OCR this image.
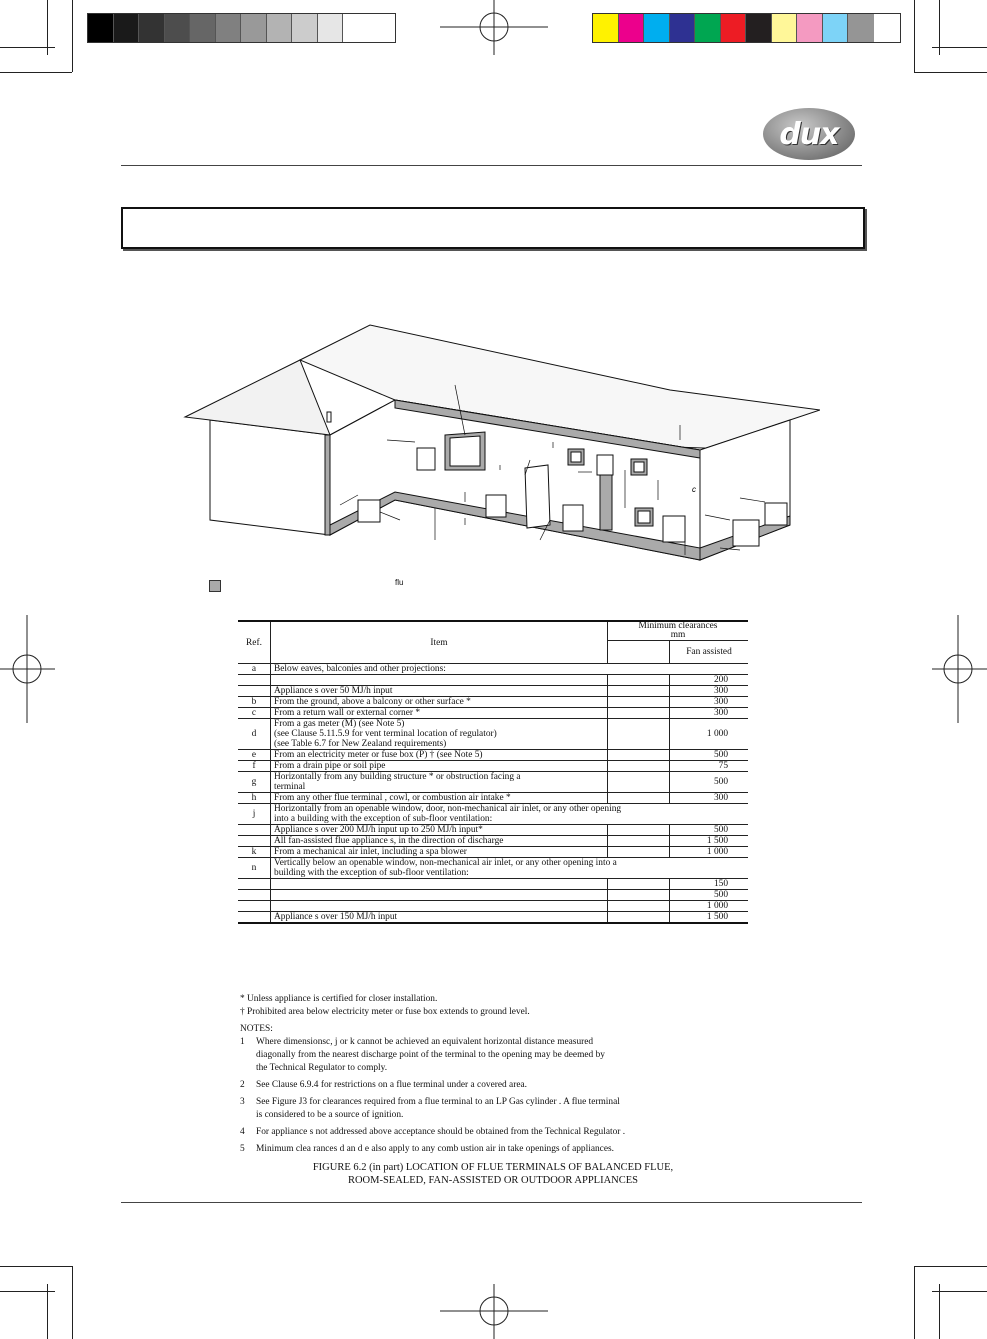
dux
c
flu
Ref.	Item	Minimum clearances
mm	

			Fan assisted
a	Below eaves, balconies and other projections:		

		200

	Appliance s over 50 MJ/h input		300
b	From the ground, above a balcony or other surface *		300
c	From a return wall or external corner *		300
d	From a gas meter (M) (see Note 5)
(see Clause 5.11.5.9 for vent terminal location of regulator)
(see Table 6.7 for New Zealand requirements)		1 000
e	From an electricity meter or fuse box (P) † (see Note 5)		500
f	From a drain pipe or soil pipe		75
g	Horizontally from any building structure * or obstruction facing a
terminal		500
h	From any other flue terminal , cowl, or combustion air intake *		300
j	Horizontally from an openable window, door, non-mechanical air inlet, or any other opening
into a building with the exception of sub-floor ventilation:		

	Appliance s over 200 MJ/h input up to 250 MJ/h input*		500

	All fan-assisted flue appliance s, in the direction of discharge		1 500
k	From a mechanical air inlet, including a spa blower		1 000
n	Vertically below an openable window, non-mechanical air inlet, or any other opening into a
building with the exception of sub-floor ventilation:		

		150

		500

		1 000

	Appliance s over 150 MJ/h input		1 500
* Unless appliance is certified for closer installation.
† Prohibited area below electricity meter or fuse box extends to ground level.
NOTES:
1 Where dimensionsc, j or k cannot be achieved an equivalent horizontal distance measured
diagonally from the nearest discharge point of the terminal to the opening may be deemed by
the Technical Regulator to comply.
2 See Clause 6.9.4 for restrictions on a flue terminal under a covered area.
3 See Figure J3 for clearances required from a flue terminal to an LP Gas cylinder . A flue terminal
is considered to be a source of ignition.
4 For appliance s not addressed above acceptance should be obtained from the Technical Regulator .
5 Minimum clea rances d an d e also apply to any comb ustion air in take openings of appliances.
FIGURE 6.2 (in part) LOCATION OF FLUE TERMINALS OF BALANCED FLUE,
ROOM-SEALED, FAN-ASSISTED OR OUTDOOR APPLIANCES
